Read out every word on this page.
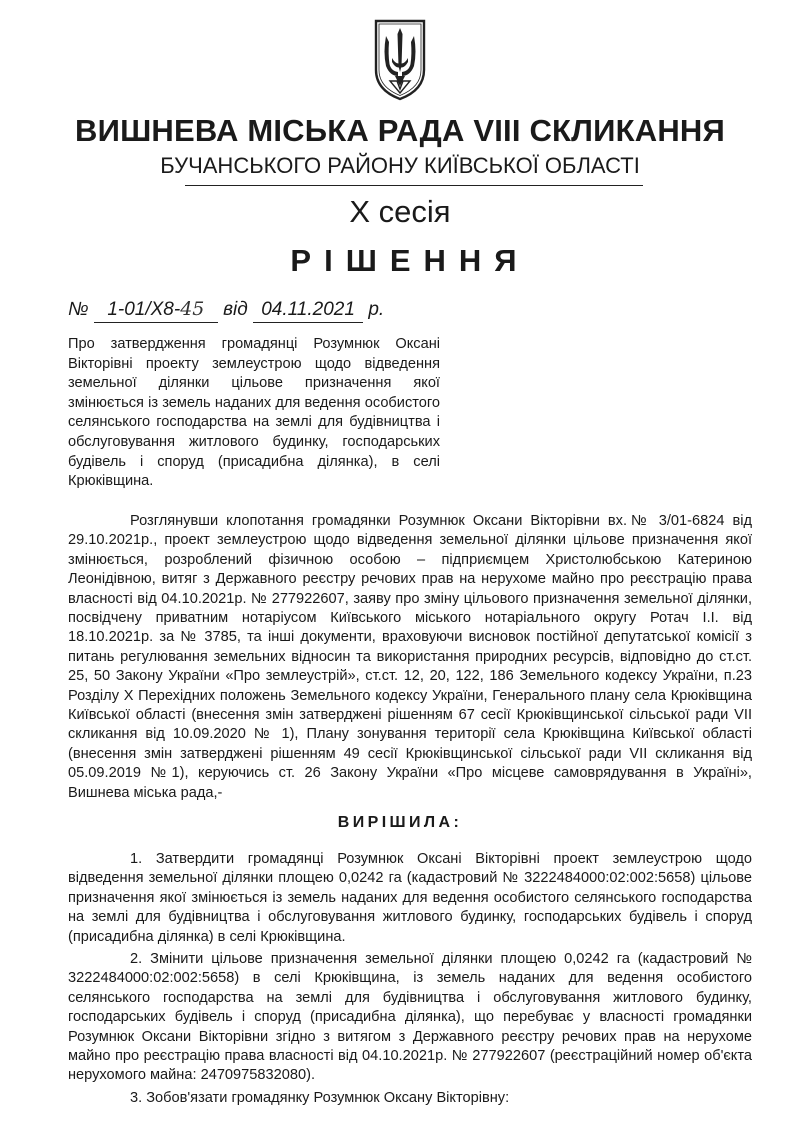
ВИШНЕВА МІСЬКА РАДА VIII СКЛИКАННЯ
БУЧАНСЬКОГО РАЙОНУ КИЇВСЬКОЇ ОБЛАСТІ
X сесія
РІШЕННЯ
№ 1-01/X8-45 від 04.11.2021 р.
Про затвердження громадянці Розумнюк Оксані Вікторівні проекту землеустрою щодо відведення земельної ділянки цільове призначення якої змінюється із земель наданих для ведення особистого селянського господарства на землі для будівництва і обслуговування житлового будинку, господарських будівель і споруд (присадибна ділянка), в селі Крюківщина.

Розглянувши клопотання громадянки Розумнюк Оксани Вікторівни вх.№ 3/01-6824 від 29.10.2021р., проект землеустрою щодо відведення земельної ділянки цільове призначення якої змінюється, розроблений фізичною особою – підприємцем Христолюбською Катериною Леонідівною, витяг з Державного реєстру речових прав на нерухоме майно про реєстрацію права власності від 04.10.2021р. № 277922607, заяву про зміну цільового призначення земельної ділянки, посвідчену приватним нотаріусом Київського міського нотаріального округу Ротач І.І. від 18.10.2021р. за № 3785, та інші документи, враховуючи висновок постійної депутатської комісії з питань регулювання земельних відносин та використання природних ресурсів, відповідно до ст.ст. 25, 50 Закону України «Про землеустрій», ст.ст. 12, 20, 122, 186 Земельного кодексу України, п.23 Розділу X Перехідних положень Земельного кодексу України, Генерального плану села Крюківщина Київської області (внесення змін затверджені рішенням 67 сесії Крюківщинської сільської ради VII скликання від 10.09.2020 № 1), Плану зонування території села Крюківщина Київської області (внесення змін затверджені рішенням 49 сесії Крюківщинської сільської ради VII скликання від 05.09.2019 №1), керуючись ст. 26 Закону України «Про місцеве самоврядування в Україні», Вишнева міська рада,-

ВИРІШИЛА:

1. Затвердити громадянці Розумнюк Оксані Вікторівні проект землеустрою щодо відведення земельної ділянки площею 0,0242 га (кадастровий № 3222484000:02:002:5658) цільове призначення якої змінюється із земель наданих для ведення особистого селянського господарства на землі для будівництва і обслуговування житлового будинку, господарських будівель і споруд (присадибна ділянка) в селі Крюківщина.

2. Змінити цільове призначення земельної ділянки площею 0,0242 га (кадастровий № 3222484000:02:002:5658) в селі Крюківщина, із земель наданих для ведення особистого селянського господарства на землі для будівництва і обслуговування житлового будинку, господарських будівель і споруд (присадибна ділянка), що перебуває у власності громадянки Розумнюк Оксани Вікторівни згідно з витягом з Державного реєстру речових прав на нерухоме майно про реєстрацію права власності від 04.10.2021р. № 277922607 (реєстраційний номер об'єкта нерухомого майна: 2470975832080).

3. Зобов'язати громадянку Розумнюк Оксану Вікторівну:
